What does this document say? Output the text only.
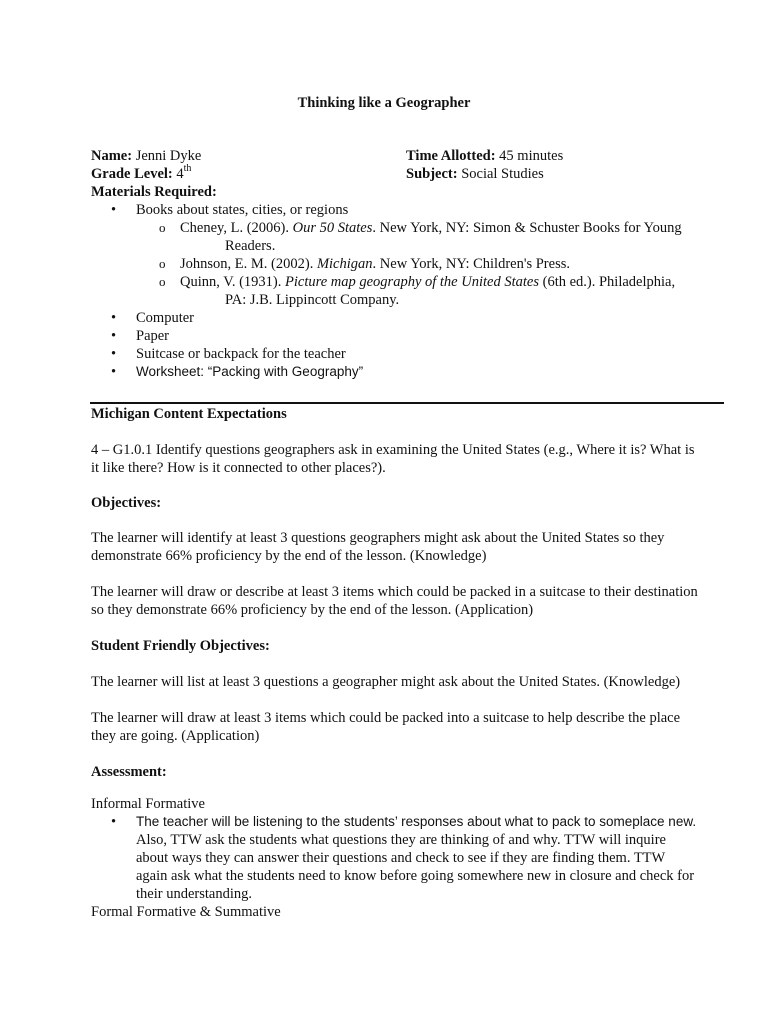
Thinking like a Geographer
Name: Jenni Dyke	Time Allotted: 45 minutes
Grade Level: 4th	Subject: Social Studies
Materials Required:
• Books about states, cities, or regions
o Cheney, L. (2006). Our 50 States. New York, NY: Simon & Schuster Books for Young
Readers.
o Johnson, E. M. (2002). Michigan. New York, NY: Children's Press.
o Quinn, V. (1931). Picture map geography of the United States (6th ed.). Philadelphia,
PA: J.B. Lippincott Company.
• Computer
• Paper
• Suitcase or backpack for the teacher
• Worksheet: “Packing with Geography”
Michigan Content Expectations
4 – G1.0.1 Identify questions geographers ask in examining the United States (e.g., Where it is? What is
it like there? How is it connected to other places?).
Objectives:
The learner will identify at least 3 questions geographers might ask about the United States so they
demonstrate 66% proficiency by the end of the lesson. (Knowledge)
The learner will draw or describe at least 3 items which could be packed in a suitcase to their destination
so they demonstrate 66% proficiency by the end of the lesson. (Application)
Student Friendly Objectives:
The learner will list at least 3 questions a geographer might ask about the United States. (Knowledge)
The learner will draw at least 3 items which could be packed into a suitcase to help describe the place
they are going. (Application)
Assessment:
Informal Formative
• The teacher will be listening to the students’ responses about what to pack to someplace new.
Also, TTW ask the students what questions they are thinking of and why. TTW will inquire
about ways they can answer their questions and check to see if they are finding them. TTW
again ask what the students need to know before going somewhere new in closure and check for
their understanding.
Formal Formative & Summative
